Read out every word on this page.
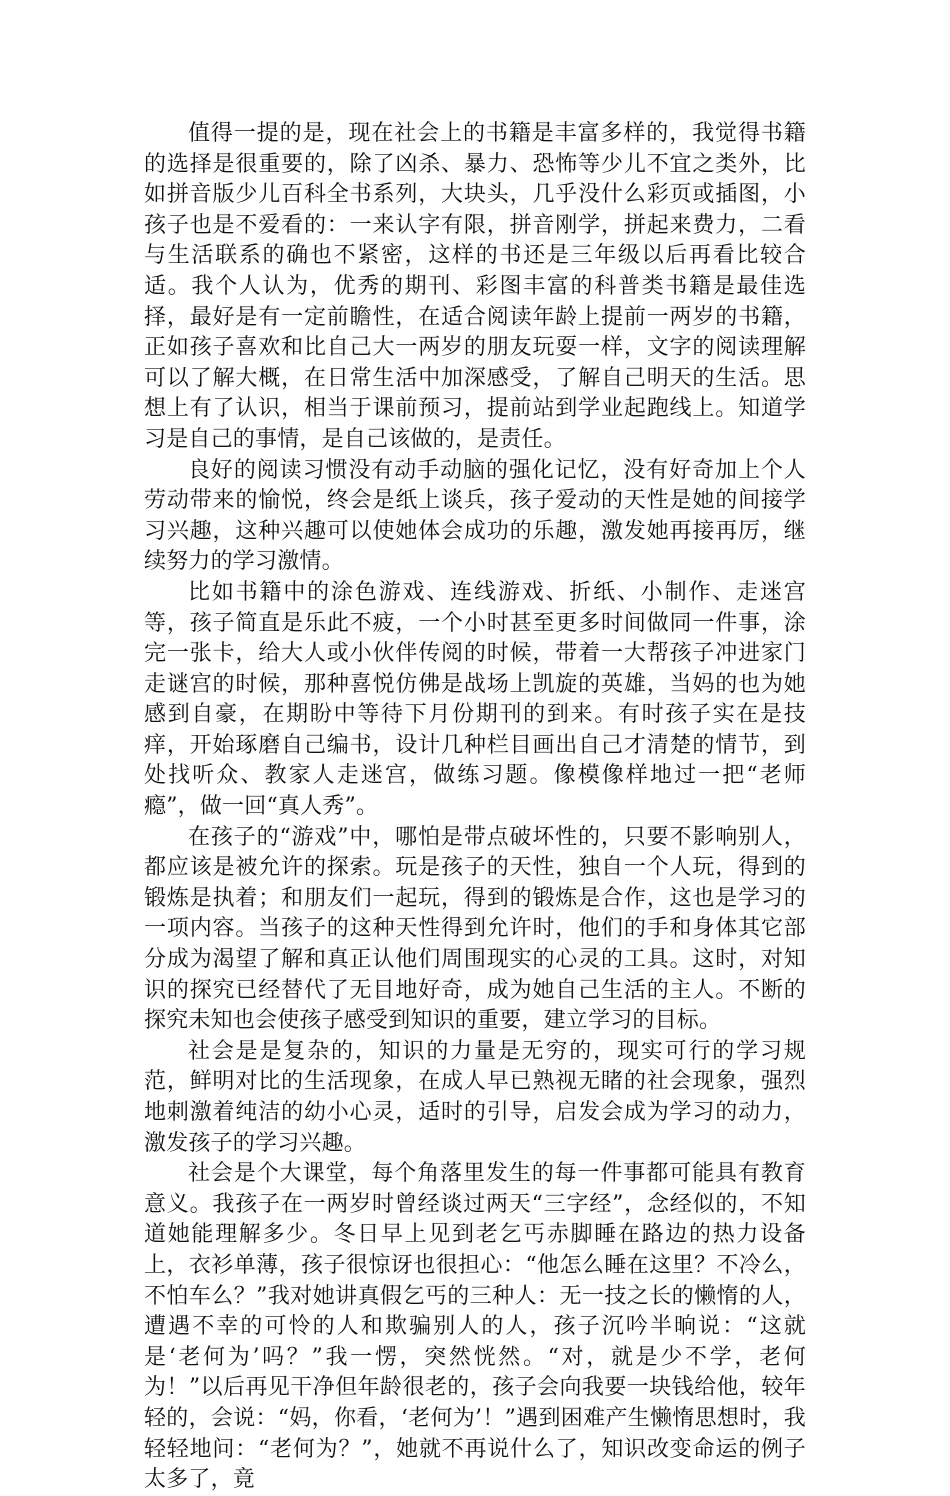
值得一提的是，现在社会上的书籍是丰富多样的，我觉得书籍的选择是很重要的，除了凶杀、暴力、恐怖等少儿不宜之类外，比如拼音版少儿百科全书系列，大块头，几乎没什么彩页或插图，小孩子也是不爱看的：一来认字有限，拼音刚学，拼起来费力，二看与生活联系的确也不紧密，这样的书还是三年级以后再看比较合适。我个人认为，优秀的期刊、彩图丰富的科普类书籍是最佳选择，最好是有一定前瞻性，在适合阅读年龄上提前一两岁的书籍，正如孩子喜欢和比自己大一两岁的朋友玩耍一样，文字的阅读理解可以了解大概，在日常生活中加深感受，了解自己明天的生活。思想上有了认识，相当于课前预习，提前站到学业起跑线上。知道学习是自己的事情，是自己该做的，是责任。

良好的阅读习惯没有动手动脑的强化记忆，没有好奇加上个人劳动带来的愉悦，终会是纸上谈兵，孩子爱动的天性是她的间接学习兴趣，这种兴趣可以使她体会成功的乐趣，激发她再接再厉，继续努力的学习激情。

比如书籍中的涂色游戏、连线游戏、折纸、小制作、走迷宫等，孩子简直是乐此不疲，一个小时甚至更多时间做同一件事，涂完一张卡，给大人或小伙伴传阅的时候，带着一大帮孩子冲进家门走谜宫的时候，那种喜悦仿佛是战场上凯旋的英雄，当妈的也为她感到自豪，在期盼中等待下月份期刊的到来。有时孩子实在是技痒，开始琢磨自己编书，设计几种栏目画出自己才清楚的情节，到处找听众、教家人走迷宫，做练习题。像模像样地过一把“老师瘾”，做一回“真人秀”。

在孩子的“游戏”中，哪怕是带点破坏性的，只要不影响别人，都应该是被允许的探索。玩是孩子的天性，独自一个人玩，得到的锻炼是执着；和朋友们一起玩，得到的锻炼是合作，这也是学习的一项内容。当孩子的这种天性得到允许时，他们的手和身体其它部分成为渴望了解和真正认他们周围现实的心灵的工具。这时，对知识的探究已经替代了无目地好奇，成为她自己生活的主人。不断的探究未知也会使孩子感受到知识的重要，建立学习的目标。

社会是是复杂的，知识的力量是无穷的，现实可行的学习规范，鲜明对比的生活现象，在成人早已熟视无睹的社会现象，强烈地刺激着纯洁的幼小心灵，适时的引导，启发会成为学习的动力，激发孩子的学习兴趣。

社会是个大课堂，每个角落里发生的每一件事都可能具有教育意义。我孩子在一两岁时曾经谈过两天“三字经”，念经似的，不知道她能理解多少。冬日早上见到老乞丐赤脚睡在路边的热力设备上，衣衫单薄，孩子很惊讶也很担心：“他怎么睡在这里？不冷么，不怕车么？”我对她讲真假乞丐的三种人：无一技之长的懒惰的人，遭遇不幸的可怜的人和欺骗别人的人，孩子沉吟半晌说：“这就是‘老何为’吗？”我一愣，突然恍然。“对，就是少不学，老何为！”以后再见干净但年龄很老的，孩子会向我要一块钱给他，较年轻的，会说：“妈，你看，‘老何为’！”遇到困难产生懒惰思想时，我轻轻地问：“老何为？”，她就不再说什么了，知识改变命运的例子太多了，竟
